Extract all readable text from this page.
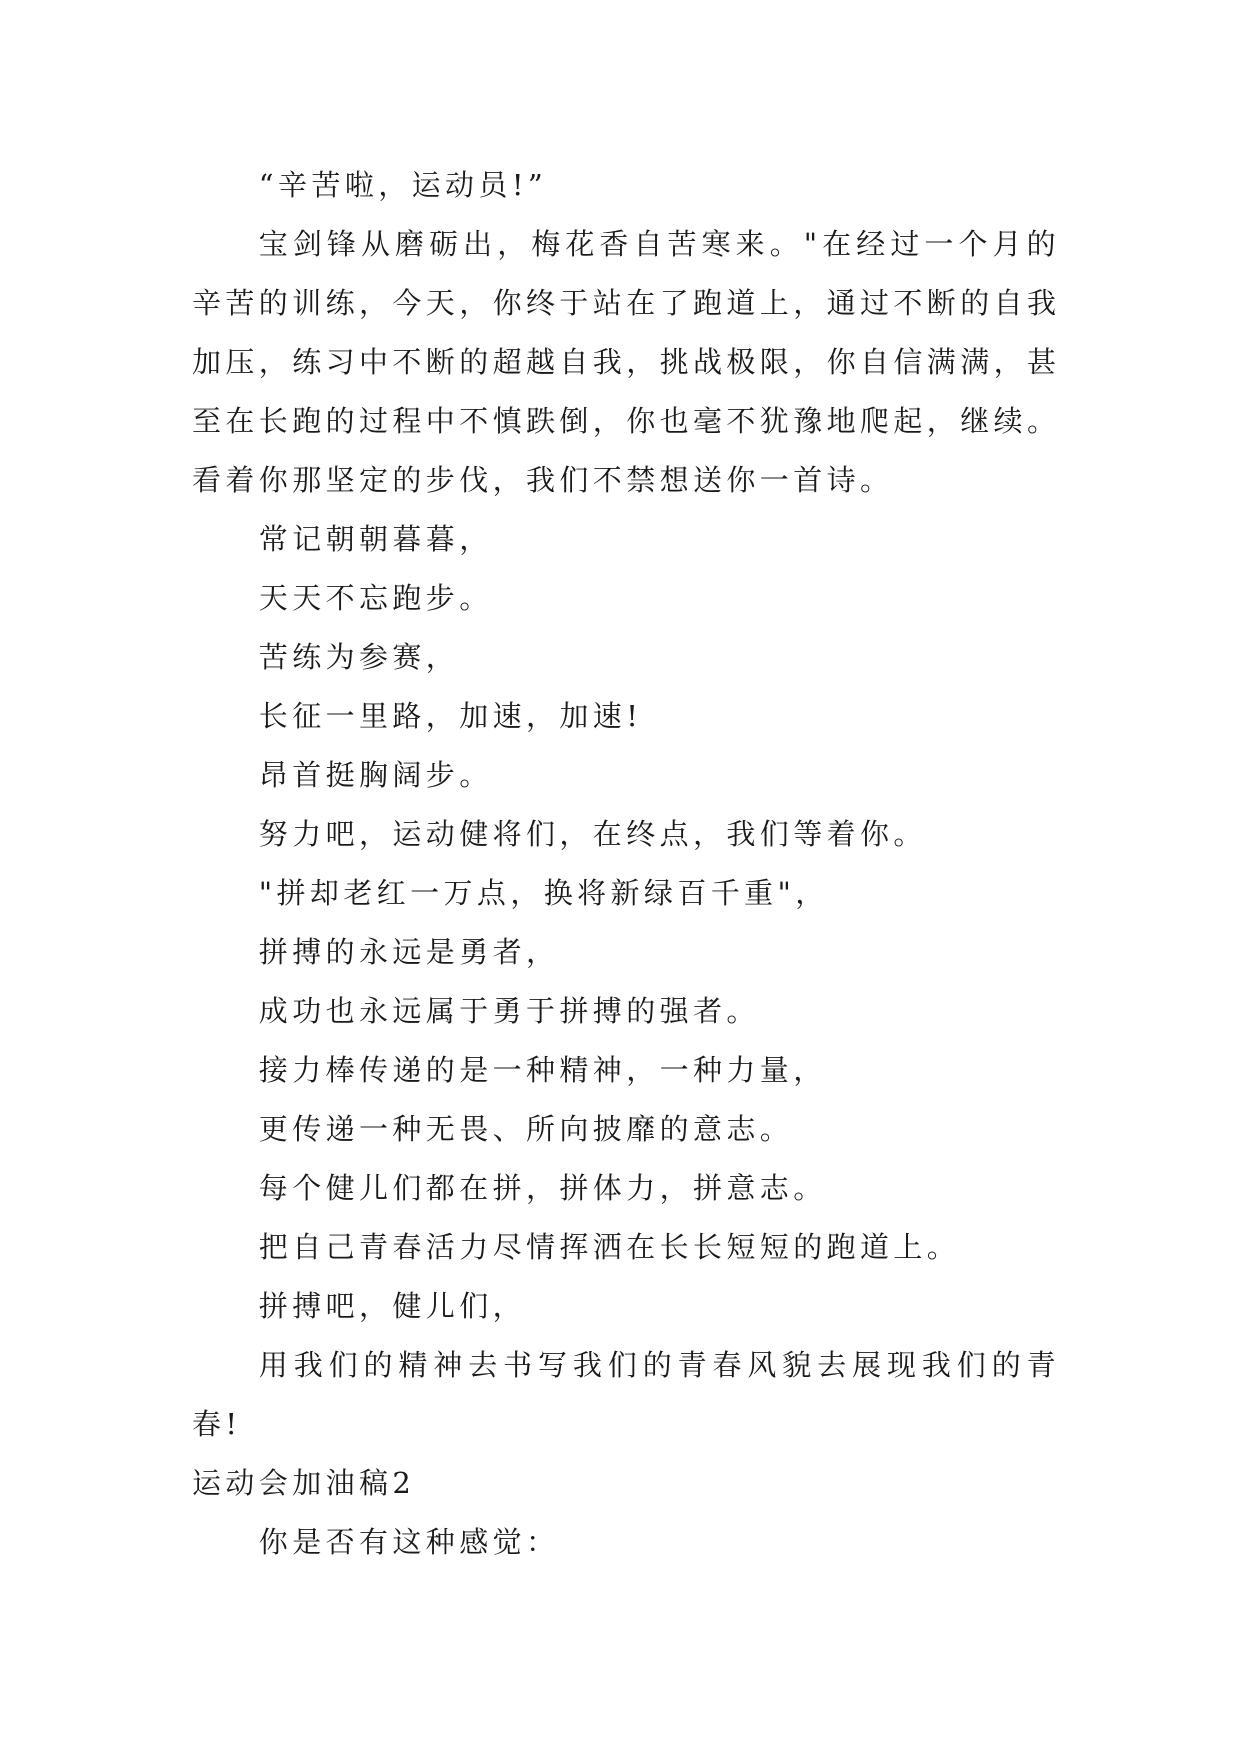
“辛苦啦，运动员!”
宝剑锋从磨砺出，梅花香自苦寒来。"在经过一个月的
辛苦的训练，今天，你终于站在了跑道上，通过不断的自我
加压，练习中不断的超越自我，挑战极限，你自信满满，甚
至在长跑的过程中不慎跌倒，你也毫不犹豫地爬起，继续。
看着你那坚定的步伐，我们不禁想送你一首诗。
常记朝朝暮暮，
天天不忘跑步。
苦练为参赛，
长征一里路，加速，加速!
昂首挺胸阔步。
努力吧，运动健将们，在终点，我们等着你。
"拼却老红一万点，换将新绿百千重"，
拼搏的永远是勇者，
成功也永远属于勇于拼搏的强者。
接力棒传递的是一种精神，一种力量，
更传递一种无畏、所向披靡的意志。
每个健儿们都在拼，拼体力，拼意志。
把自己青春活力尽情挥洒在长长短短的跑道上。
拼搏吧，健儿们，
用我们的精神去书写我们的青春风貌去展现我们的青
春!
运动会加油稿2
你是否有这种感觉：
